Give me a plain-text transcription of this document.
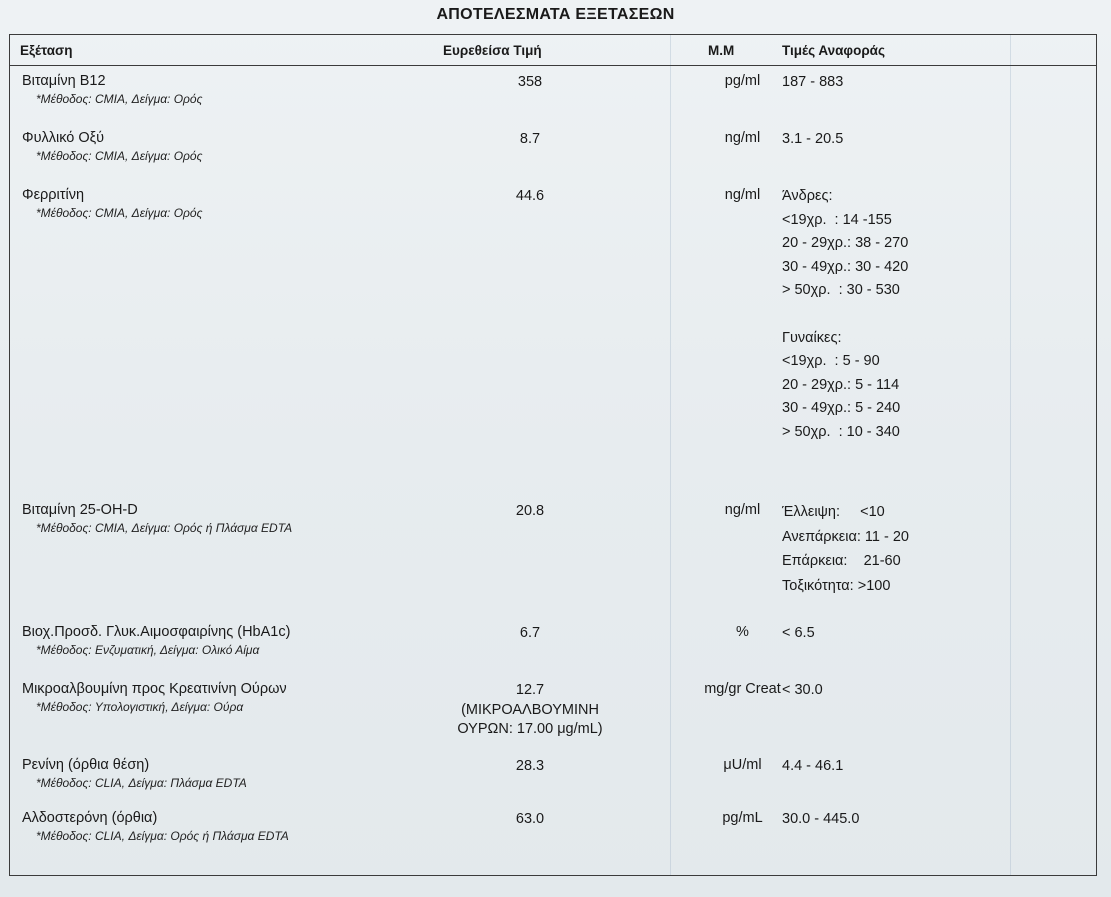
ΑΠΟΤΕΛΕΣΜΑΤΑ ΕΞΕΤΑΣΕΩΝ
Εξέταση	Ευρεθείσα Τιμή	Μ.Μ	Τιμές Αναφοράς
Βιταμίνη Β12
*Μέθοδος: CMIA, Δείγμα: Ορός
358	pg/ml	187 - 883
Φυλλικό Οξύ
*Μέθοδος: CMIA, Δείγμα: Ορός
8.7	ng/ml	3.1 - 20.5
Φερριτίνη
*Μέθοδος: CMIA, Δείγμα: Ορός
44.6	ng/ml	Άνδρες:
<19χρ.  : 14 -155
20 - 29χρ.: 38 - 270
30 - 49χρ.: 30 - 420
> 50χρ.  : 30 - 530

Γυναίκες:
<19χρ.  : 5 - 90
20 - 29χρ.: 5 - 114
30 - 49χρ.: 5 - 240
> 50χρ.  : 10 - 340
Βιταμίνη 25-OH-D
*Μέθοδος: CMIA, Δείγμα: Ορός ή Πλάσμα EDTA
20.8	ng/ml	Έλλειψη:     <10
Ανεπάρκεια: 11 - 20
Επάρκεια:    21-60
Τοξικότητα: >100
Βιοχ.Προσδ. Γλυκ.Αιμοσφαιρίνης (HbA1c)
*Μέθοδος: Ενζυματική, Δείγμα: Ολικό Αίμα
6.7	%	< 6.5
Μικροαλβουμίνη προς Κρεατινίνη Ούρων
*Μέθοδος: Υπολογιστική, Δείγμα: Ούρα
12.7
(ΜΙΚΡΟΑΛΒΟΥΜΙΝΗ
ΟΥΡΩΝ: 17.00 μg/mL)
mg/gr Creat < 30.0
Ρενίνη (όρθια θέση)
*Μέθοδος: CLIA, Δείγμα: Πλάσμα EDTA
28.3	μU/ml	4.4 - 46.1
Αλδοστερόνη (όρθια)
*Μέθοδος: CLIA, Δείγμα: Ορός ή Πλάσμα EDTA
63.0	pg/mL	30.0 - 445.0
